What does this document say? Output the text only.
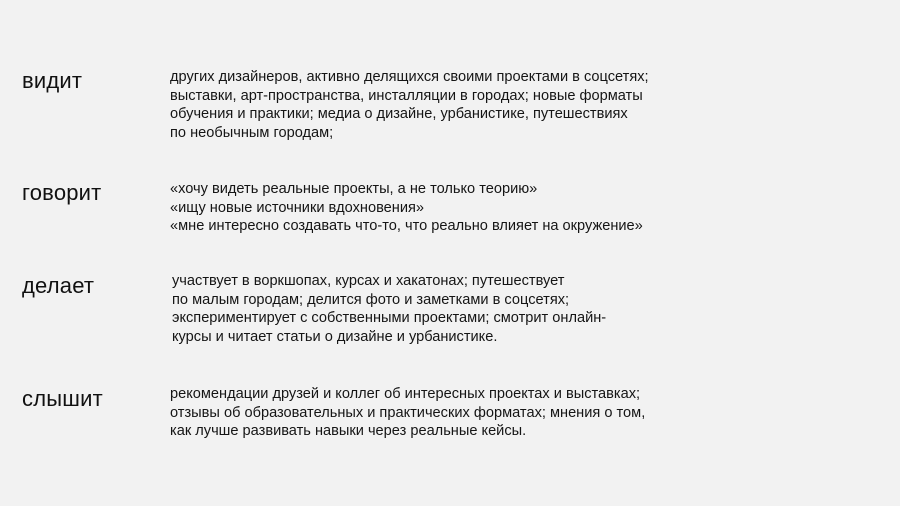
видит	других дизайнеров, активно делящихся своими проектами в соцсетях;
выставки, арт-пространства, инсталляции в городах; новые форматы
обучения и практики; медиа о дизайне, урбанистике, путешествиях
по необычным городам;
говорит	«хочу видеть реальные проекты, а не только теорию»
«ищу новые источники вдохновения»
«мне интересно создавать что-то, что реально влияет на окружение»
делает	участвует в воркшопах, курсах и хакатонах; путешествует
по малым городам; делится фото и заметками в соцсетях;
экспериментирует с собственными проектами; смотрит онлайн-
курсы и читает статьи о дизайне и урбанистике.
слышит	рекомендации друзей и коллег об интересных проектах и выставках;
отзывы об образовательных и практических форматах; мнения о том,
как лучше развивать навыки через реальные кейсы.
